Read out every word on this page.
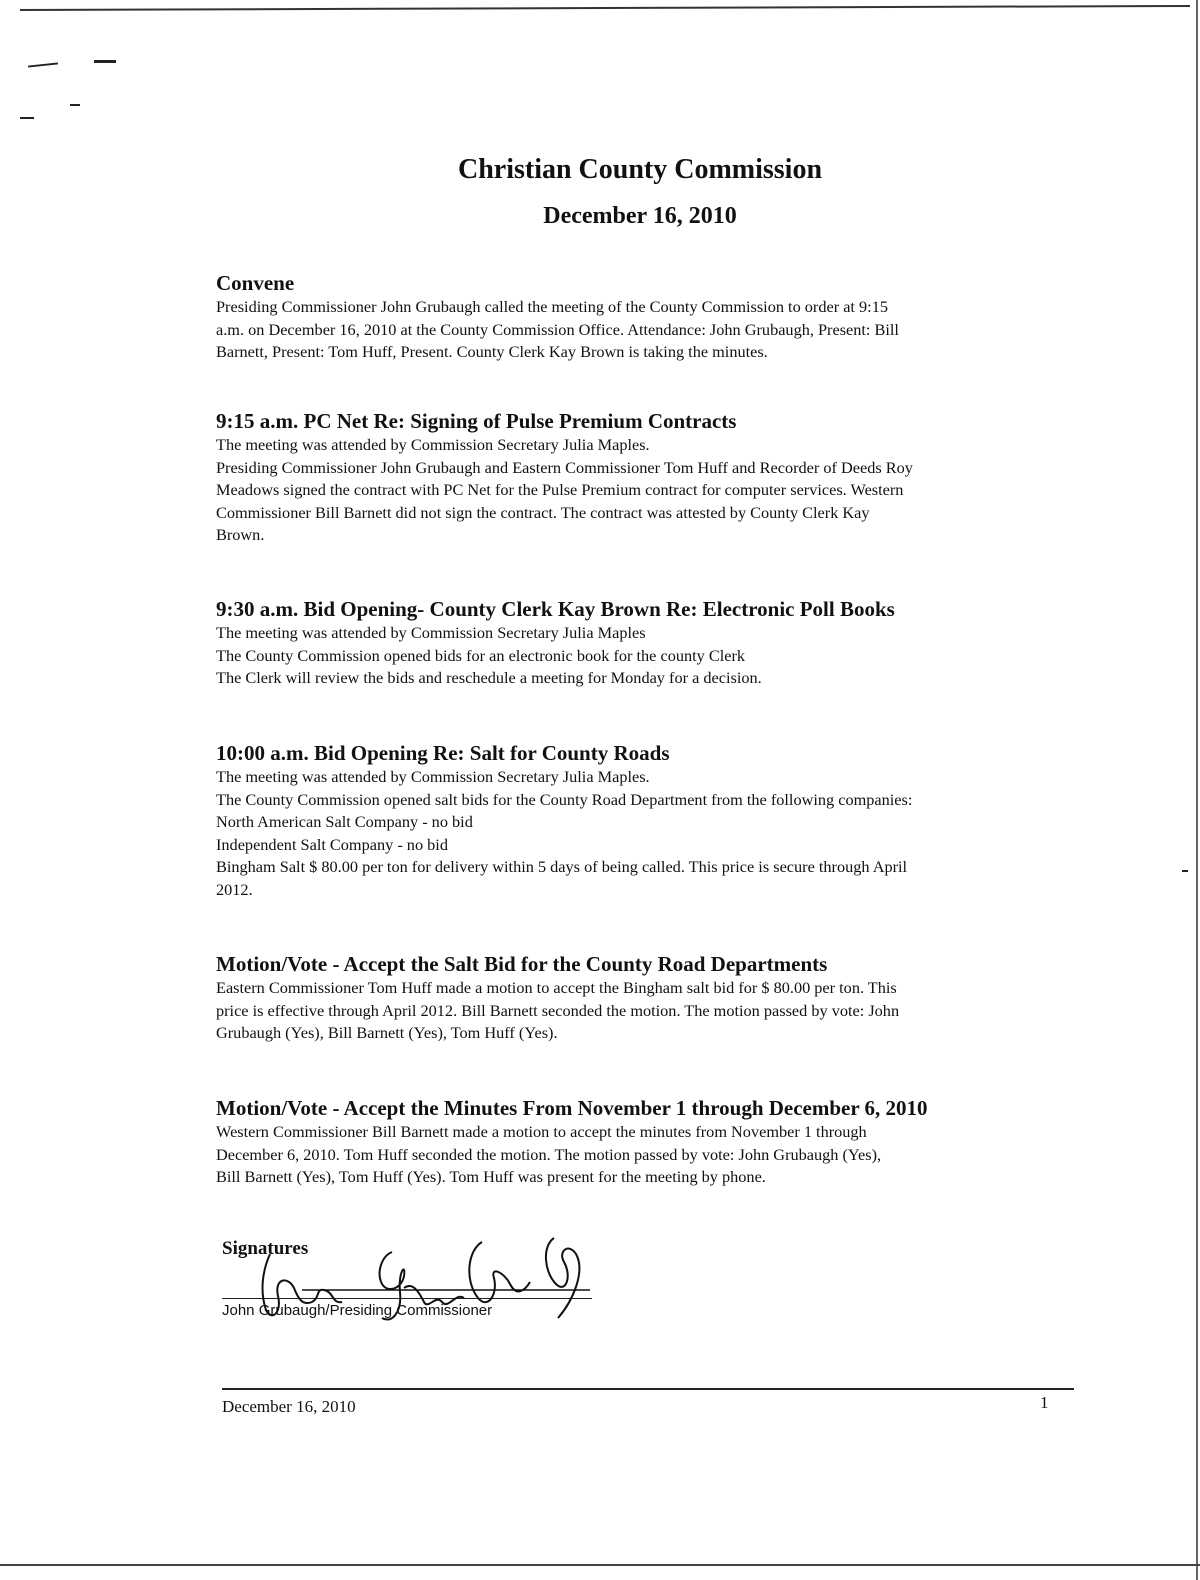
Christian County Commission
December 16, 2010
Convene

Presiding Commissioner John Grubaugh called the meeting of the County Commission to order at 9:15

a.m. on December 16, 2010 at the County Commission Office. Attendance: John Grubaugh, Present: Bill

Barnett, Present: Tom Huff, Present. County Clerk Kay Brown is taking the minutes.

9:15 a.m. PC Net Re: Signing of Pulse Premium Contracts

The meeting was attended by Commission Secretary Julia Maples.

Presiding Commissioner John Grubaugh and Eastern Commissioner Tom Huff and Recorder of Deeds Roy

Meadows signed the contract with PC Net for the Pulse Premium contract for computer services. Western

Commissioner Bill Barnett did not sign the contract. The contract was attested by County Clerk Kay

Brown.

9:30 a.m. Bid Opening- County Clerk Kay Brown Re: Electronic Poll Books

The meeting was attended by Commission Secretary Julia Maples

The County Commission opened bids for an electronic book for the county Clerk

The Clerk will review the bids and reschedule a meeting for Monday for a decision.

10:00 a.m. Bid Opening Re: Salt for County Roads

The meeting was attended by Commission Secretary Julia Maples.

The County Commission opened salt bids for the County Road Department from the following companies:

North American Salt Company - no bid

Independent Salt Company - no bid

Bingham Salt $ 80.00 per ton for delivery within 5 days of being called. This price is secure through April

2012.

Motion/Vote - Accept the Salt Bid for the County Road Departments

Eastern Commissioner Tom Huff made a motion to accept the Bingham salt bid for $ 80.00 per ton. This

price is effective through April 2012. Bill Barnett seconded the motion. The motion passed by vote: John

Grubaugh (Yes), Bill Barnett (Yes), Tom Huff (Yes).

Motion/Vote - Accept the Minutes From November 1 through December 6, 2010

Western Commissioner Bill Barnett made a motion to accept the minutes from November 1 through

December 6, 2010. Tom Huff seconded the motion. The motion passed by vote: John Grubaugh (Yes),

Bill Barnett (Yes), Tom Huff (Yes). Tom Huff was present for the meeting by phone.

Signatures
John Grubaugh/Presiding Commissioner
December 16, 2010	1
